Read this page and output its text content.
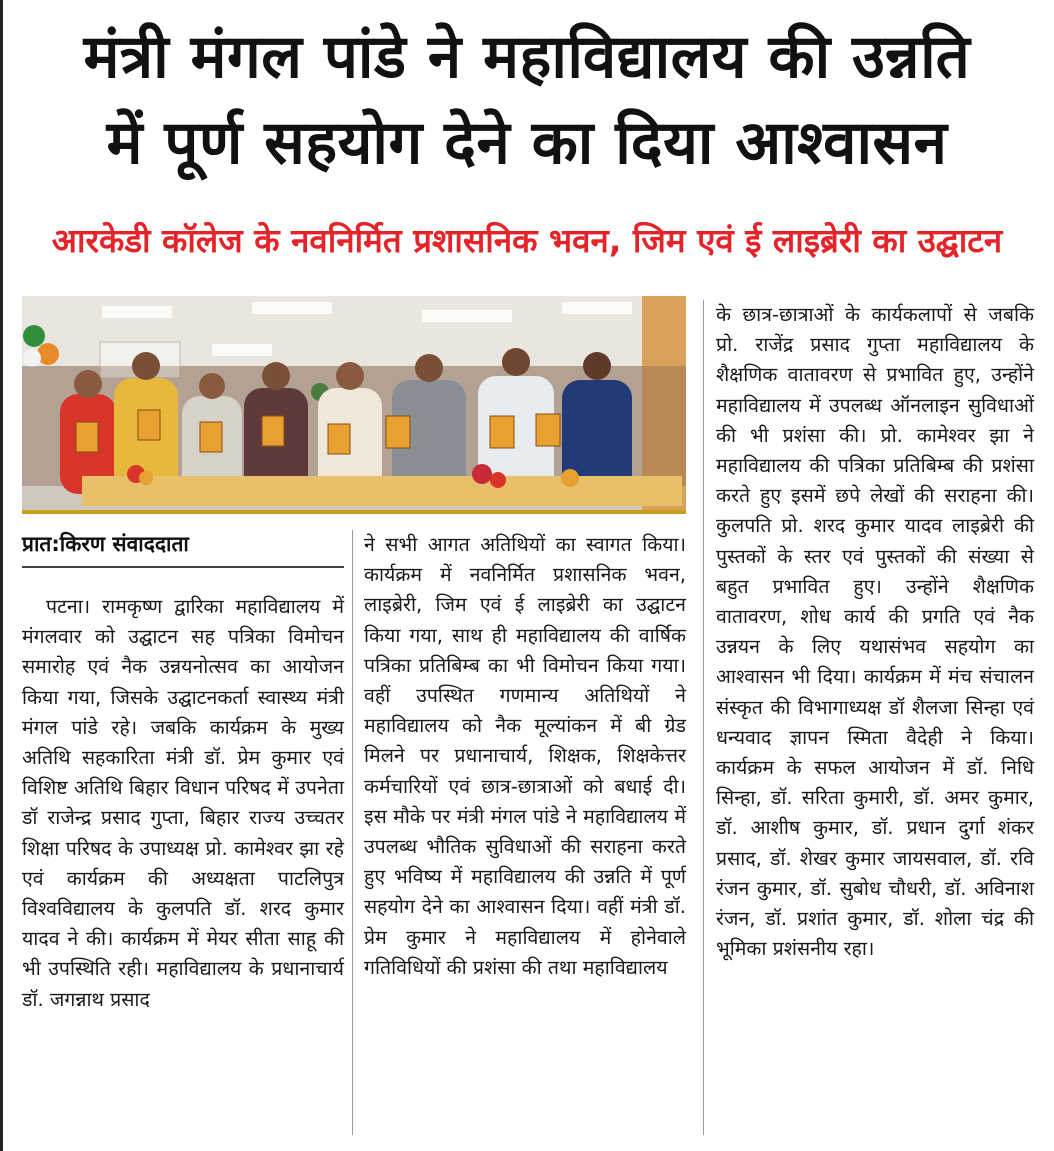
मंत्री मंगल पांडे ने महाविद्यालय की उन्नति
में पूर्ण सहयोग देने का दिया आश्वासन
आरकेडी कॉलेज के नवनिर्मित प्रशासनिक भवन, जिम एवं ई लाइब्रेरी का उद्घाटन
प्रात:किरण संवाददाता

पटना। रामकृष्ण द्वारिका महाविद्यालय में मंगलवार को उद्घाटन सह पत्रिका विमोचन समारोह एवं नैक उन्नयनोत्सव का आयोजन किया गया, जिसके उद्घाटनकर्ता स्वास्थ्य मंत्री मंगल पांडे रहे। जबकि कार्यक्रम के मुख्य अतिथि सहकारिता मंत्री डॉ. प्रेम कुमार एवं विशिष्ट अतिथि बिहार विधान परिषद में उपनेता डॉ राजेन्द्र प्रसाद गुप्ता, बिहार राज्य उच्चतर शिक्षा परिषद के उपाध्यक्ष प्रो. कामेश्वर झा रहे एवं कार्यक्रम की अध्यक्षता पाटलिपुत्र विश्वविद्यालय के कुलपति डॉ. शरद कुमार यादव ने की। कार्यक्रम में मेयर सीता साहू की भी उपस्थिति रही। महाविद्यालय के प्रधानाचार्य डॉ. जगन्नाथ प्रसाद

ने सभी आगत अतिथियों का स्वागत किया। कार्यक्रम में नवनिर्मित प्रशासनिक भवन, लाइब्रेरी, जिम एवं ई लाइब्रेरी का उद्घाटन किया गया, साथ ही महाविद्यालय की वार्षिक पत्रिका प्रतिबिम्ब का भी विमोचन किया गया। वहीं उपस्थित गणमान्य अतिथियों ने महाविद्यालय को नैक मूल्यांकन में बी ग्रेड मिलने पर प्रधानाचार्य, शिक्षक, शिक्षकेत्तर कर्मचारियों एवं छात्र-छात्राओं को बधाई दी। इस मौके पर मंत्री मंगल पांडे ने महाविद्यालय में उपलब्ध भौतिक सुविधाओं की सराहना करते हुए भविष्य में महाविद्यालय की उन्नति में पूर्ण सहयोग देने का आश्वासन दिया। वहीं मंत्री डॉ. प्रेम कुमार ने महाविद्यालय में होनेवाले गतिविधियों की प्रशंसा की तथा महाविद्यालय

के छात्र-छात्राओं के कार्यकलापों से जबकि प्रो. राजेंद्र प्रसाद गुप्ता महाविद्यालय के शैक्षणिक वातावरण से प्रभावित हुए, उन्होंने महाविद्यालय में उपलब्ध ऑनलाइन सुविधाओं की भी प्रशंसा की। प्रो. कामेश्वर झा ने महाविद्यालय की पत्रिका प्रतिबिम्ब की प्रशंसा करते हुए इसमें छपे लेखों की सराहना की। कुलपति प्रो. शरद कुमार यादव लाइब्रेरी की पुस्तकों के स्तर एवं पुस्तकों की संख्या से बहुत प्रभावित हुए। उन्होंने शैक्षणिक वातावरण, शोध कार्य की प्रगति एवं नैक उन्नयन के लिए यथासंभव सहयोग का आश्वासन भी दिया। कार्यक्रम में मंच संचालन संस्कृत की विभागाध्यक्ष डॉ शैलजा सिन्हा एवं धन्यवाद ज्ञापन स्मिता वैदेही ने किया। कार्यक्रम के सफल आयोजन में डॉ. निधि सिन्हा, डॉ. सरिता कुमारी, डॉ. अमर कुमार, डॉ. आशीष कुमार, डॉ. प्रधान दुर्गा शंकर प्रसाद, डॉ. शेखर कुमार जायसवाल, डॉ. रवि रंजन कुमार, डॉ. सुबोध चौधरी, डॉ. अविनाश रंजन, डॉ. प्रशांत कुमार, डॉ. शोला चंद्र की भूमिका प्रशंसनीय रहा।
